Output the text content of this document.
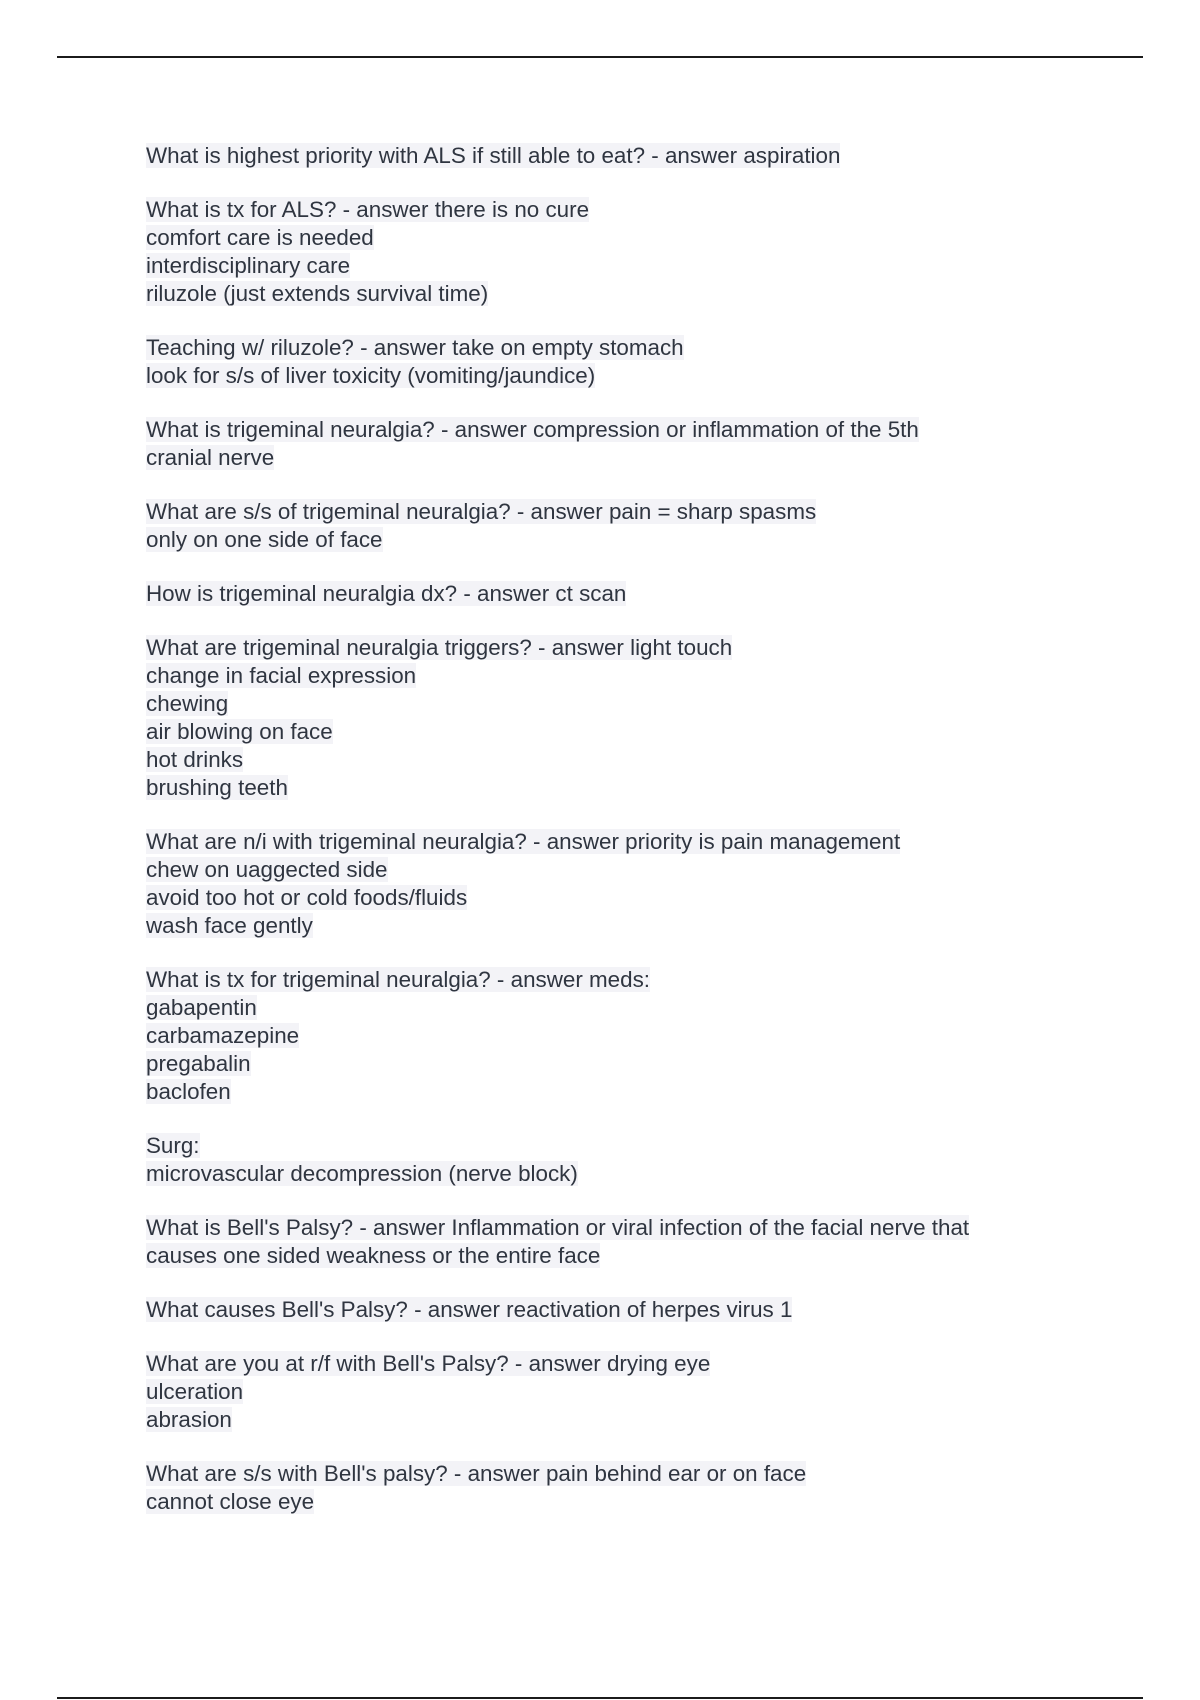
What is highest priority with ALS if still able to eat? - answer aspiration
What is tx for ALS? - answer there is no cure
comfort care is needed
interdisciplinary care
riluzole (just extends survival time)
Teaching w/ riluzole? - answer take on empty stomach
look for s/s of liver toxicity (vomiting/jaundice)
What is trigeminal neuralgia? - answer compression or inflammation of the 5th
cranial nerve
What are s/s of trigeminal neuralgia? - answer pain = sharp spasms
only on one side of face
How is trigeminal neuralgia dx? - answer ct scan
What are trigeminal neuralgia triggers? - answer light touch
change in facial expression
chewing
air blowing on face
hot drinks
brushing teeth
What are n/i with trigeminal neuralgia? - answer priority is pain management
chew on uaggected side
avoid too hot or cold foods/fluids
wash face gently
What is tx for trigeminal neuralgia? - answer meds:
gabapentin
carbamazepine
pregabalin
baclofen
Surg:
microvascular decompression (nerve block)
What is Bell's Palsy? - answer Inflammation or viral infection of the facial nerve that
causes one sided weakness or the entire face
What causes Bell's Palsy? - answer reactivation of herpes virus 1
What are you at r/f with Bell's Palsy? - answer drying eye
ulceration
abrasion
What are s/s with Bell's palsy? - answer pain behind ear or on face
cannot close eye
